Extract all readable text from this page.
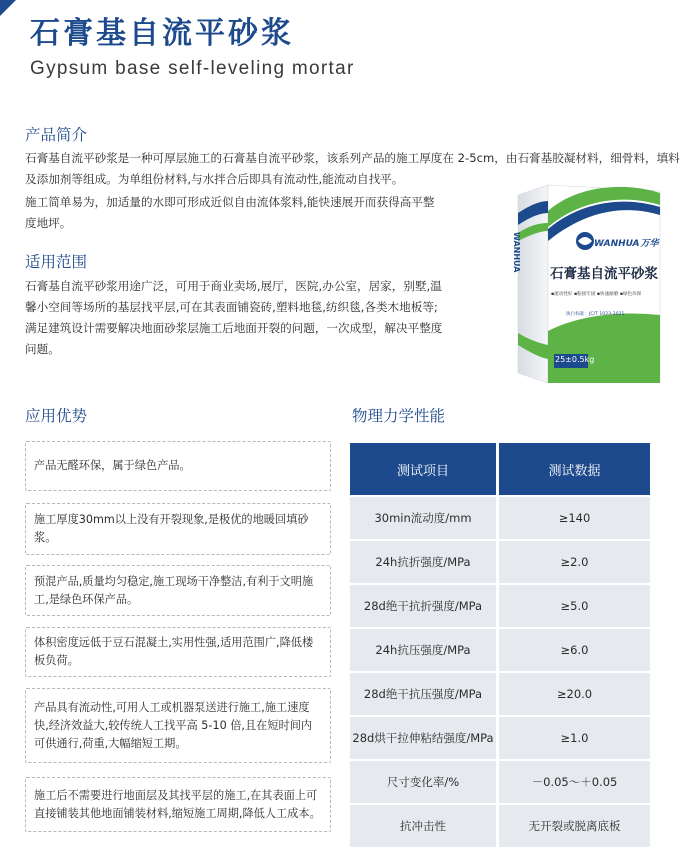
石膏基自流平砂浆
Gypsum base self-leveling mortar
产品简介

石膏基自流平砂浆是一种可厚层施工的石膏基自流平砂浆，该系列产品的施工厚度在 2-5cm，由石膏基胶凝材料，细骨料，填料及添加剂等组成。为单组份材料,与水拌合后即具有流动性,能流动自找平。

施工简单易为，加适量的水即可形成近似自由流体浆料,能快速展开而获得高平整度地坪。

适用范围

石膏基自流平砂浆用途广泛，可用于商业卖场,展厅，医院,办公室，居家，别墅,温馨小空间等场所的基层找平层,可在其表面铺瓷砖,塑料地毯,纺织毯,各类木地板等;

满足建筑设计需要解决地面砂浆层施工后地面开裂的问题，一次成型，解决平整度问题。

WANHUA	WANHUA万华
石膏基自流平砂浆
▪流动性好 ▪粘接牢固 ▪快速耐磨 ▪绿色环保
执行标准：JC/T 1023-2021
25±0.5kg
应用优势
产品无醛环保，属于绿色产品。
施工厚度30mm以上没有开裂现象,是极优的地暖回填砂浆。
预混产品,质量均匀稳定,施工现场干净整洁,有利于文明施工,是绿色环保产品。
体积密度远低于豆石混凝土,实用性强,适用范围广,降低楼板负荷。
产品具有流动性,可用人工或机器泵送进行施工,施工速度快,经济效益大,较传统人工找平高 5-10 倍,且在短时间内可供通行,荷重,大幅缩短工期。
施工后不需要进行地面层及其找平层的施工,在其表面上可直接铺装其他地面铺装材料,缩短施工周期,降低人工成本。
物理力学性能
测试项目	测试数据
30min流动度/mm	≥140
24h抗折强度/MPa	≥2.0
28d绝干抗折强度/MPa	≥5.0
24h抗压强度/MPa	≥6.0
28d绝干抗压强度/MPa	≥20.0
28d烘干拉伸粘结强度/MPa	≥1.0
尺寸变化率/%	－0.05～＋0.05
抗冲击性	无开裂或脱离底板
